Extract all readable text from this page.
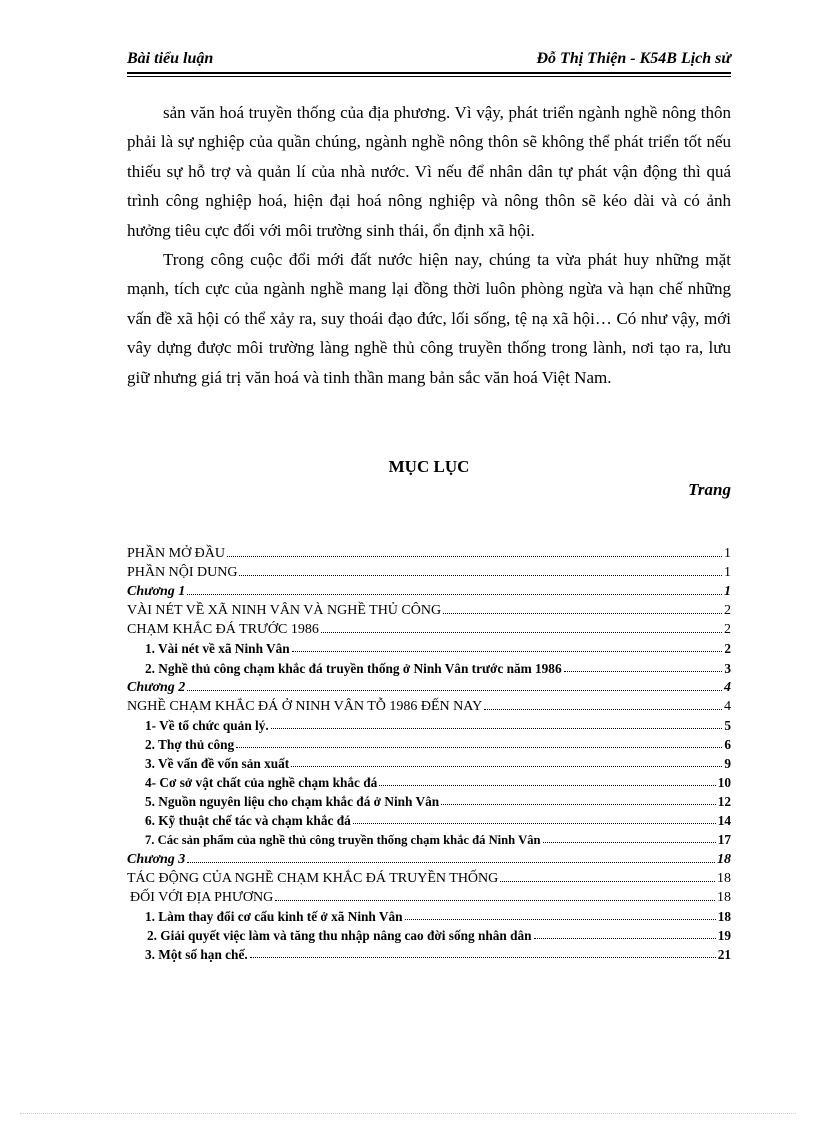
Bài tiểu luận	Đỗ Thị Thiện - K54B Lịch sử

sản văn hoá truyền thống của địa phương. Vì vậy, phát triển ngành nghề nông thôn phải là sự nghiệp của quần chúng, ngành nghề nông thôn sẽ không thể phát triển tốt nếu thiếu sự hỗ trợ và quản lí của nhà nước. Vì nếu để nhân dân tự phát vận động thì quá trình công nghiệp hoá, hiện đại hoá nông nghiệp và nông thôn sẽ kéo dài và có ảnh hưởng tiêu cực đối với môi trường sinh thái, ổn định xã hội.

Trong công cuộc đổi mới đất nước hiện nay, chúng ta vừa phát huy những mặt mạnh, tích cực của ngành nghề mang lại đồng thời luôn phòng ngừa và hạn chế những vấn đề xã hội có thể xảy ra, suy thoái đạo đức, lối sống, tệ nạ xã hội… Có như vậy, mới vây dựng được môi trường làng nghề thủ công truyền thống trong lành, nơi tạo ra, lưu giữ nhưng giá trị văn hoá và tinh thần mang bản sắc văn hoá Việt Nam.

MỤC LỤC
Trang
PHẦN MỞ ĐẦU	1
PHẦN NỘI DUNG	1
Chương 1	1
VÀI NÉT VỀ XÃ NINH VÂN VÀ NGHỀ THỦ CÔNG	2
CHẠM KHẮC ĐÁ TRƯỚC 1986	2
1. Vài nét về xã Ninh Vân	2
2. Nghề thủ công chạm khắc đá truyền thống ở Ninh Vân trước năm 1986	3
Chương 2	4
NGHỀ CHẠM KHẮC ĐÁ Ở NINH VÂN TỖ 1986 ĐẾN NAY	4
1- Về tổ chức quản lý.	5
2. Thợ thủ công	6
3. Về vấn đề vốn sản xuất	9
4- Cơ sở vật chất của nghề chạm khắc đá	10
5. Nguồn nguyên liệu cho chạm khắc đá ở Ninh Vân	12
6. Kỹ thuật chế tác và chạm khắc đá	14
7. Các sản phẩm của nghề thủ công truyền thống chạm khắc đá Ninh Vân	17
Chương 3	18
TÁC ĐỘNG CỦA NGHỀ CHẠM KHẮC ĐÁ TRUYỀN THỐNG	18
ĐỐI VỚI ĐỊA PHƯƠNG	18
1. Làm thay đổi cơ cấu kinh tế ở xã Ninh Vân	18
2. Giải quyết việc làm và tăng thu nhập nâng cao đời sống nhân dân	19
3. Một số hạn chế.	21
